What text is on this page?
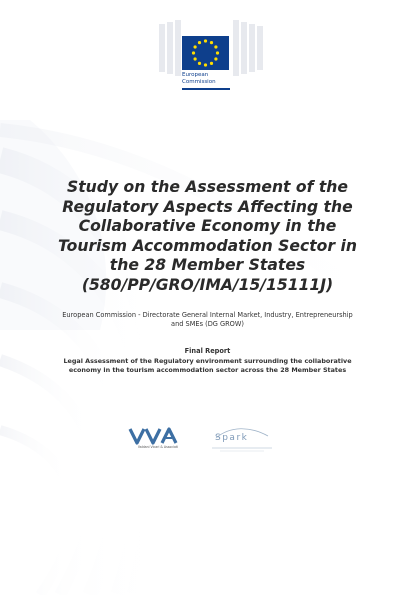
European
Commission
Study on the Assessment of the
Regulatory Aspects Affecting the
Collaborative Economy in the
Tourism Accommodation Sector in
the 28 Member States
(580/PP/GRO/IMA/15/15111J)

European Commission - Directorate General Internal Market, Industry, Entrepreneurship
and SMEs (DG GROW)

Final Report

Legal Assessment of the Regulatory environment surrounding the collaborative
economy in the tourism accommodation sector across the 28 Member States

Valdani Vicari & Associati
Spark
